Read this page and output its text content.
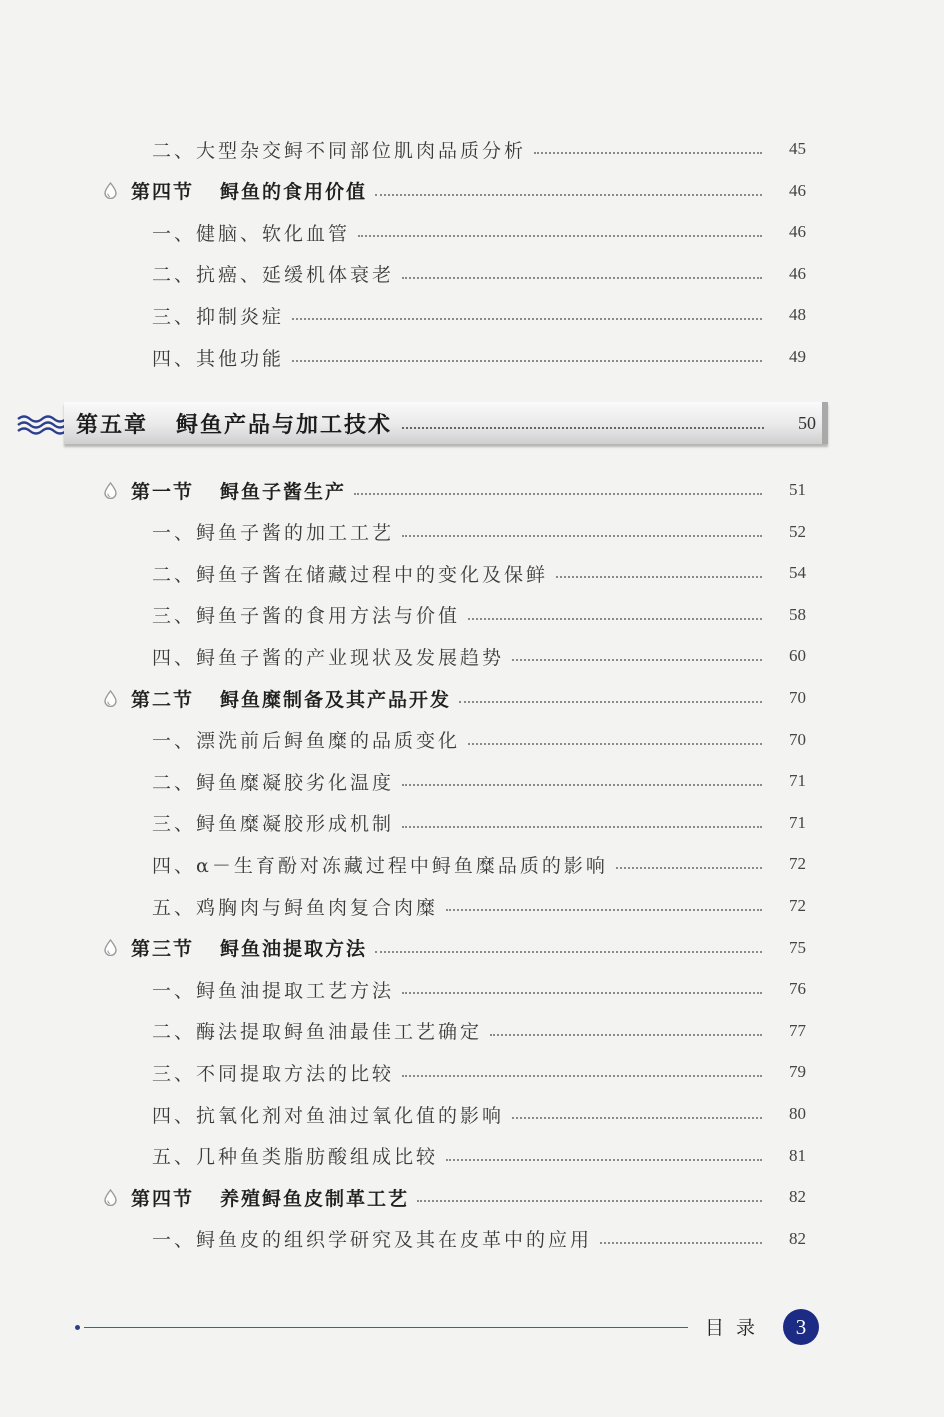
二、大型杂交鲟不同部位肌肉品质分析	45
第四节 鲟鱼的食用价值	46
一、健脑、软化血管	46
二、抗癌、延缓机体衰老	46
三、抑制炎症	48
四、其他功能	49
第五章 鲟鱼产品与加工技术	50
第一节 鲟鱼子酱生产	51
一、鲟鱼子酱的加工工艺	52
二、鲟鱼子酱在储藏过程中的变化及保鲜	54
三、鲟鱼子酱的食用方法与价值	58
四、鲟鱼子酱的产业现状及发展趋势	60
第二节 鲟鱼糜制备及其产品开发	70
一、漂洗前后鲟鱼糜的品质变化	70
二、鲟鱼糜凝胶劣化温度	71
三、鲟鱼糜凝胶形成机制	71
四、α－生育酚对冻藏过程中鲟鱼糜品质的影响	72
五、鸡胸肉与鲟鱼肉复合肉糜	72
第三节 鲟鱼油提取方法	75
一、鲟鱼油提取工艺方法	76
二、酶法提取鲟鱼油最佳工艺确定	77
三、不同提取方法的比较	79
四、抗氧化剂对鱼油过氧化值的影响	80
五、几种鱼类脂肪酸组成比较	81
第四节 养殖鲟鱼皮制革工艺	82
一、鲟鱼皮的组织学研究及其在皮革中的应用	82
目录	3
